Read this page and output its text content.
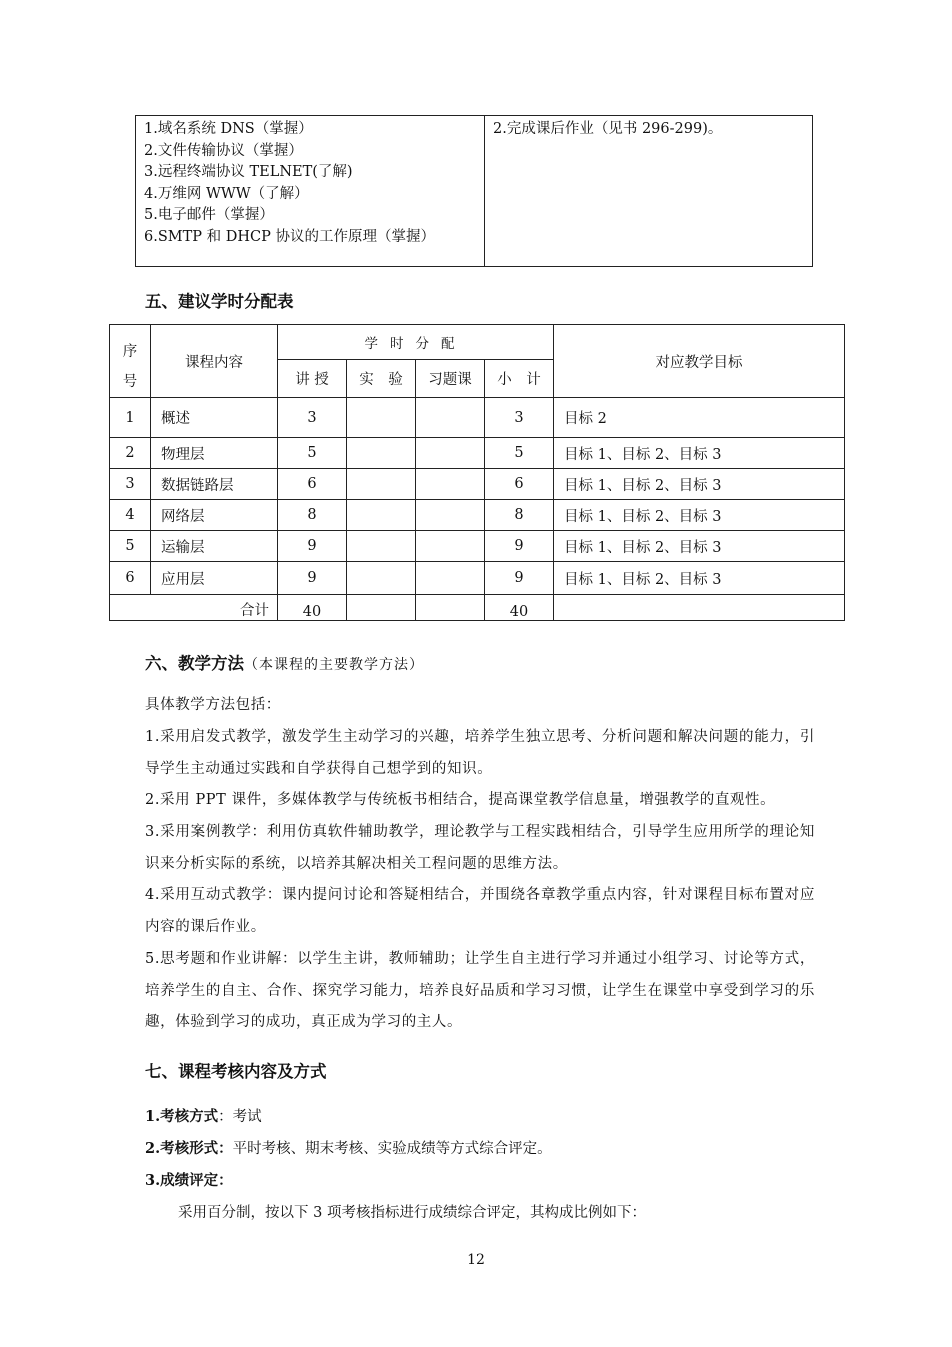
1.域名系统 DNS（掌握）
2.文件传输协议（掌握）
3.远程终端协议 TELNET(了解)
4.万维网 WWW（了解）
5.电子邮件（掌握）
6.SMTP 和 DHCP 协议的工作原理（掌握）

2.完成课后作业（见书 296-299)。
五、建议学时分配表
序
号	课程内容	学时分配				对应教学目标
		讲 授	实　验	习题课	小　计	
1	概述	3			3	目标 2
2	物理层	5			5	目标 1、目标 2、目标 3
3	数据链路层	6			6	目标 1、目标 2、目标 3
4	网络层	8			8	目标 1、目标 2、目标 3
5	运输层	9			9	目标 1、目标 2、目标 3
6	应用层	9			9	目标 1、目标 2、目标 3
合计		40			40	
六、教学方法（本课程的主要教学方法）
具体教学方法包括：
1.采用启发式教学，激发学生主动学习的兴趣，培养学生独立思考、分析问题和解决问题的能力，引导学生主动通过实践和自学获得自己想学到的知识。
2.采用 PPT 课件，多媒体教学与传统板书相结合，提高课堂教学信息量，增强教学的直观性。
3.采用案例教学：利用仿真软件辅助教学，理论教学与工程实践相结合，引导学生应用所学的理论知识来分析实际的系统，以培养其解决相关工程问题的思维方法。
4.采用互动式教学：课内提问讨论和答疑相结合，并围绕各章教学重点内容，针对课程目标布置对应内容的课后作业。
5.思考题和作业讲解：以学生主讲，教师辅助；让学生自主进行学习并通过小组学习、讨论等方式，培养学生的自主、合作、探究学习能力，培养良好品质和学习习惯，让学生在课堂中享受到学习的乐趣，体验到学习的成功，真正成为学习的主人。
七、课程考核内容及方式
1.考核方式：考试
2.考核形式：平时考核、期末考核、实验成绩等方式综合评定。
3.成绩评定：
采用百分制，按以下 3 项考核指标进行成绩综合评定，其构成比例如下：
12
